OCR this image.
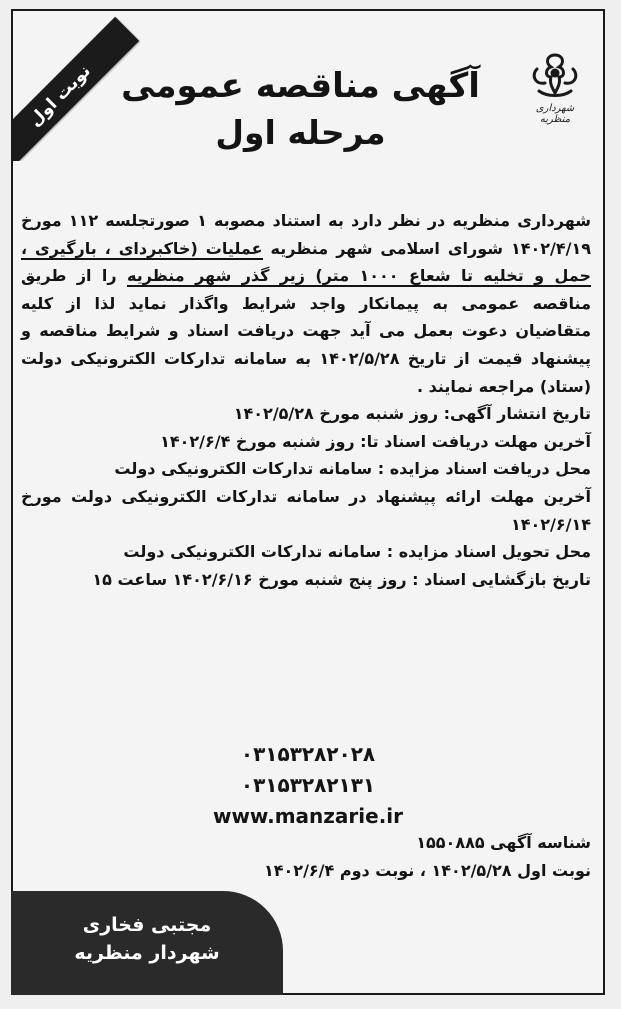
نوبت اول	شهرداری منظریه
آگهی مناقصه عمومی
مرحله اول

شهرداری منظریه در نظر دارد به استناد مصوبه ۱ صورتجلسه ۱۱۲ مورخ ۱۴۰۲/۴/۱۹ شورای اسلامی شهر منظریه عملیات (خاکبردای ، بارگیری ، حمل و تخلیه تا شعاع ۱۰۰۰ متر) زیر گذر شهر منظریه را از طریق مناقصه عمومی به پیمانکار واجد شرایط واگذار نماید لذا از کلیه متقاضیان دعوت بعمل می آید جهت دریافت اسناد و شرایط مناقصه و پیشنهاد قیمت از تاریخ ۱۴۰۲/۵/۲۸ به سامانه تدارکات الکترونیکی دولت (ستاد) مراجعه نمایند .

تاریخ انتشار آگهی: روز شنبه مورخ ۱۴۰۲/۵/۲۸

آخرین مهلت دریافت اسناد تا: روز شنبه مورخ ۱۴۰۲/۶/۴

محل دریافت اسناد مزایده : سامانه تدارکات الکترونیکی دولت

آخرین مهلت ارائه پیشنهاد در سامانه تدارکات الکترونیکی دولت مورخ ۱۴۰۲/۶/۱۴

محل تحویل اسناد مزایده : سامانه تدارکات الکترونیکی دولت

تاریخ بازگشایی اسناد : روز پنج شنبه مورخ ۱۴۰۲/۶/۱۶ ساعت ۱۵

۰۳۱۵۳۲۸۲۰۲۸
۰۳۱۵۳۲۸۲۱۳۱
www.manzarie.ir
شناسه آگهی ۱۵۵۰۸۸۵
نوبت اول ۱۴۰۲/۵/۲۸ ، نوبت دوم ۱۴۰۲/۶/۴
مجتبی فخاری
شهردار منظریه
